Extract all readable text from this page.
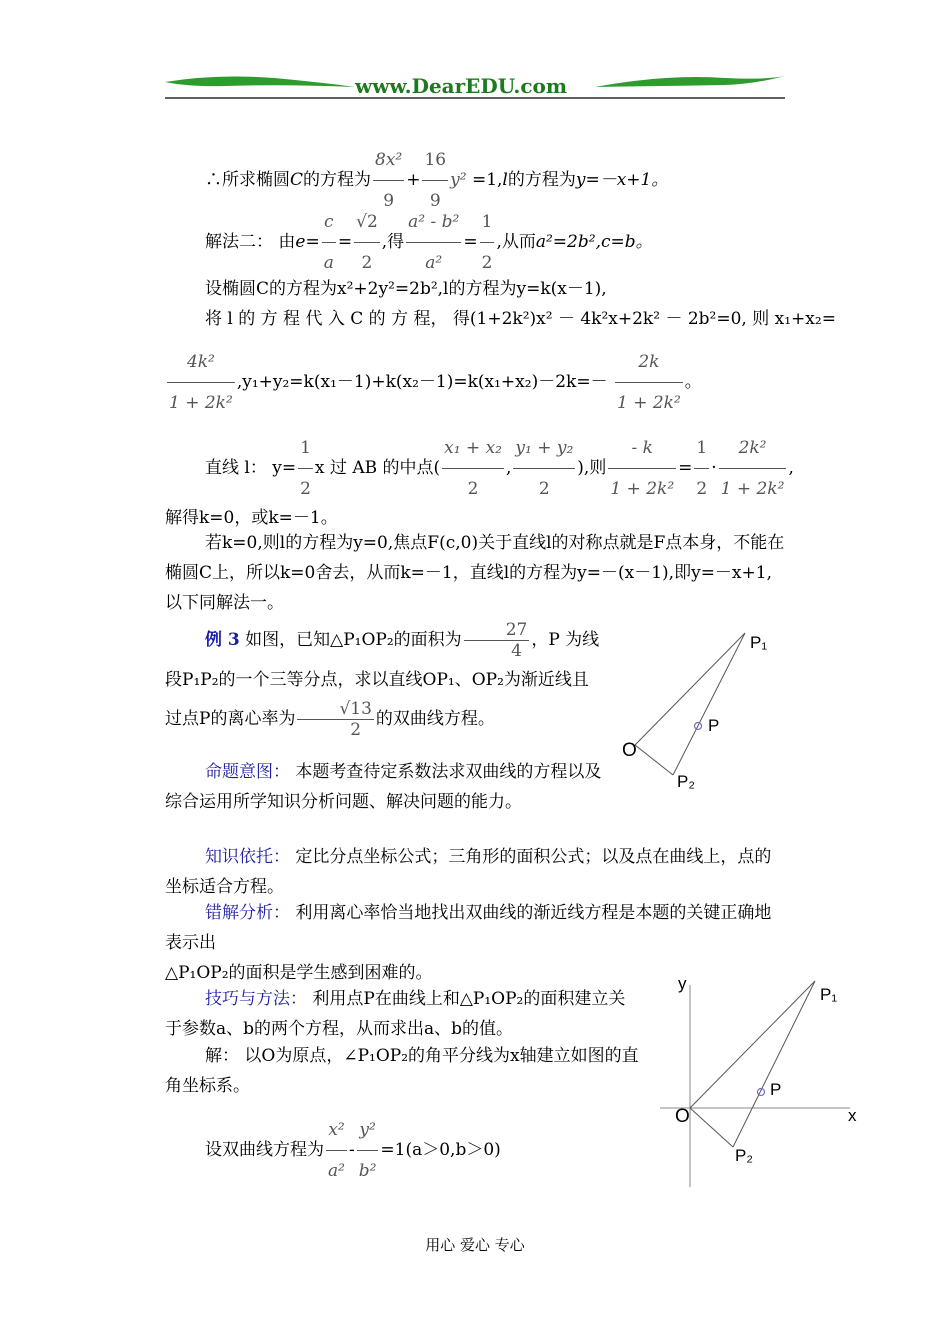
www.DearEDU.com
∴所求椭圆C的方程为 $\frac{\text{8x²}}{9} + \frac{16}{9} y^2 =1,l$的方程为y=－x+1。
解法二： 由$e= \frac{c}{a} = \frac{√2}{2}$ ,得 $\frac{\text{a² - b²}}{\text{a²}} = \frac{1}{2}$ ,从而a²=2b²,c=b。
设椭圆C的方程为x²+2y²=2b²,l的方程为y=k(x－1),
将 l 的 方 程 代 入 C 的 方 程， 得(1+2k²)x² － 4k²x+2k² － 2b²=0, 则 x₁+x₂=
$\frac{\text{4k²}}{\text{1 + 2k²}} ,y_1+y_2=k(x_1-1)+k(x_2-1)=k(x_1+x_2)-2k=- \frac{2k}{\text{1 + 2k²}}$ 。
直线 l： $y= \frac{1}{2}$ x 过 AB 的中点( $\frac{\text{x₁ + x₂}}{2}$ , $\frac{\text{y₁ + y₂}}{2}$ ),则 $\frac{- k}{\text{1 + 2k²}} = \frac{1}{2} \cdot \frac{\text{2k²}}{\text{1 + 2k²}}$ ,
解得k=0，或k=－1。
若k=0,则l的方程为y=0,焦点F(c,0)关于直线l的对称点就是F点本身，不能在椭圆C上，所以k=0舍去，从而k=－1，直线l的方程为y=－(x－1),即y=－x+1,以下同解法一。
例 3 如图，已知△P₁OP₂的面积为 $\frac{27}{4}$ ，P 为线段P₁P₂的一个三等分点，求以直线OP₁、OP₂为渐近线且过点P的离心率为 $\frac{√13}{2}$ 的双曲线方程。
P₁
P
O
P₂
命题意图： 本题考查待定系数法求双曲线的方程以及综合运用所学知识分析问题、解决问题的能力。
知识依托： 定比分点坐标公式；三角形的面积公式；以及点在曲线上，点的坐标适合方程。
错解分析： 利用离心率恰当地找出双曲线的渐近线方程是本题的关键正确地表示出
△P₁OP₂的面积是学生感到困难的。
技巧与方法： 利用点P在曲线上和△P₁OP₂的面积建立关于参数a、b的两个方程，从而求出a、b的值。
解： 以O为原点，∠P₁OP₂的角平分线为x轴建立如图的直角坐标系。
设双曲线方程为 $\frac{\text{x²}}{\text{a²}} - \frac{\text{y²}}{\text{b²}} =1(a>0,b>0)$
y
P₁
P
O	x
P₂
用心 爱心 专心
